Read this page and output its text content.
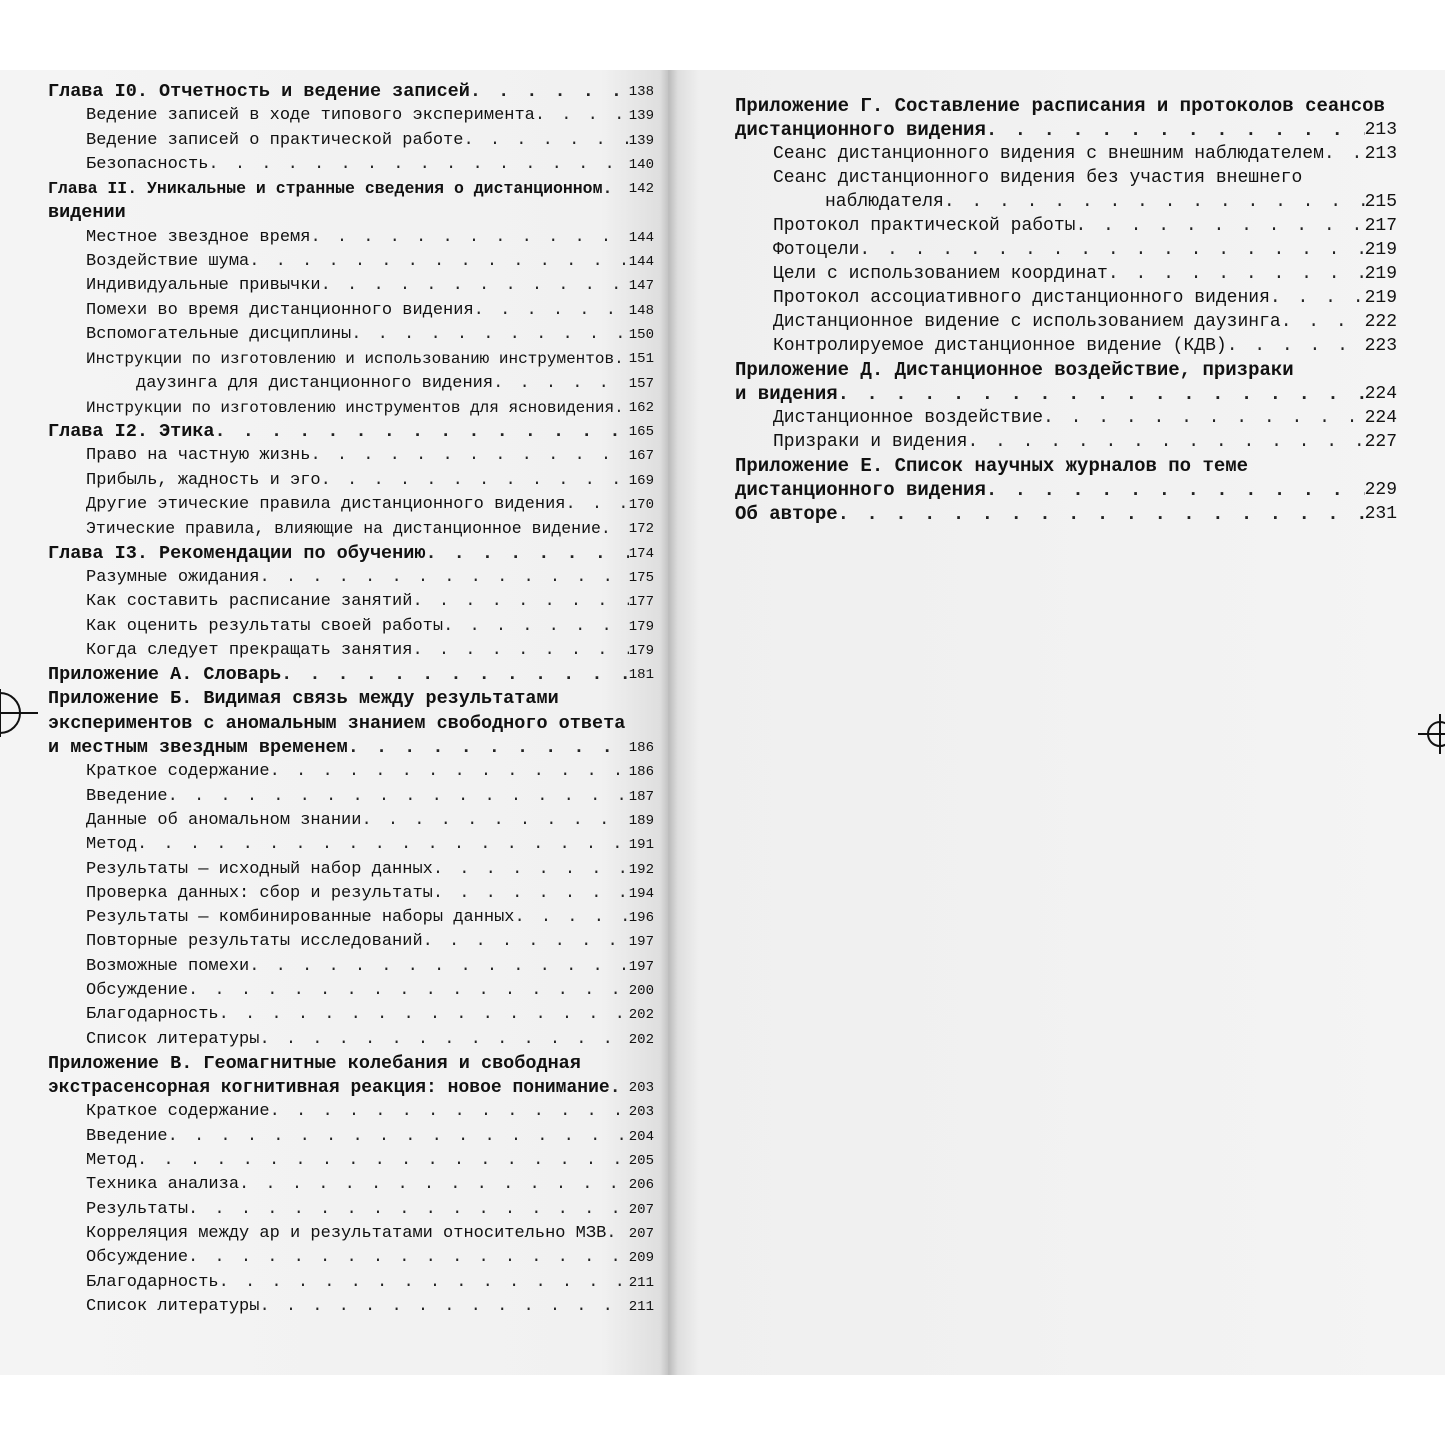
Глава I0. Отчетность и ведение записей . . .	138
Ведение записей в ходе типового эксперимента . . .	139
Ведение записей о практической работе . . .	139
Безопасность . . .	140
Глава II. Уникальные и странные сведения о дистанционном . . . 142
видении
Местное звездное время . . .	144
Воздействие шума . . .	144
Индивидуальные привычки . . .	147
Помехи во время дистанционного видения . . .	148
Вспомогательные дисциплины . . .	150
Инструкции по изготовлению и использованию инструментов . . . 151
даузинга для дистанционного видения . . .	157
Инструкции по изготовлению инструментов для ясновидения . . . 162
Глава I2. Этика . . .	165
Право на частную жизнь . . .	167
Прибыль, жадность и эго . . .	169
Другие этические правила дистанционного видения . . .	170
Этические правила, влияющие на дистанционное видение . . . 172
Глава I3. Рекомендации по обучению . . .	174
Разумные ожидания . . .	175
Как составить расписание занятий . . .	177
Как оценить результаты своей работы . . .	179
Когда следует прекращать занятия . . .	179
Приложение А. Словарь . . .	181
Приложение Б. Видимая связь между результатами
экспериментов с аномальным знанием свободного ответа
и местным звездным временем . . .	186
Краткое содержание . . .	186
Введение . . .	187
Данные об аномальном знании . . .	189
Метод . . .	191
Результаты — исходный набор данных . . .	192
Проверка данных: сбор и результаты . . .	194
Результаты — комбинированные наборы данных . . .	196
Повторные результаты исследований . . .	197
Возможные помехи . . .	197
Обсуждение . . .	200
Благодарность . . .	202
Список литературы . . .	202
Приложение В. Геомагнитные колебания и свободная
экстрасенсорная когнитивная реакция: новое понимание . . . 203
Краткое содержание . . .	203
Введение . . .	204
Метод . . .	205
Техника анализа . . .	206
Результаты . . .	207
Корреляция между ар и результатами относительно МЗВ . . . 207
Обсуждение . . .	209
Благодарность . . .	211
Список литературы . . .	211
Приложение Г. Составление расписания и протоколов сеансов
дистанционного видения . . .	213
Сеанс дистанционного видения с внешним наблюдателем . . . 213
Сеанс дистанционного видения без участия внешнего
наблюдателя . . .	215
Протокол практической работы . . .	217
Фотоцели . . .	219
Цели с использованием координат . . .	219
Протокол ассоциативного дистанционного видения . . .	219
Дистанционное видение с использованием даузинга . . .	222
Контролируемое дистанционное видение (КДВ) . . .	223
Приложение Д. Дистанционное воздействие, призраки
и видения . . .	224
Дистанционное воздействие . . .	224
Призраки и видения . . .	227
Приложение Е. Список научных журналов по теме
дистанционного видения . . .	229
Об авторе . . .	231
